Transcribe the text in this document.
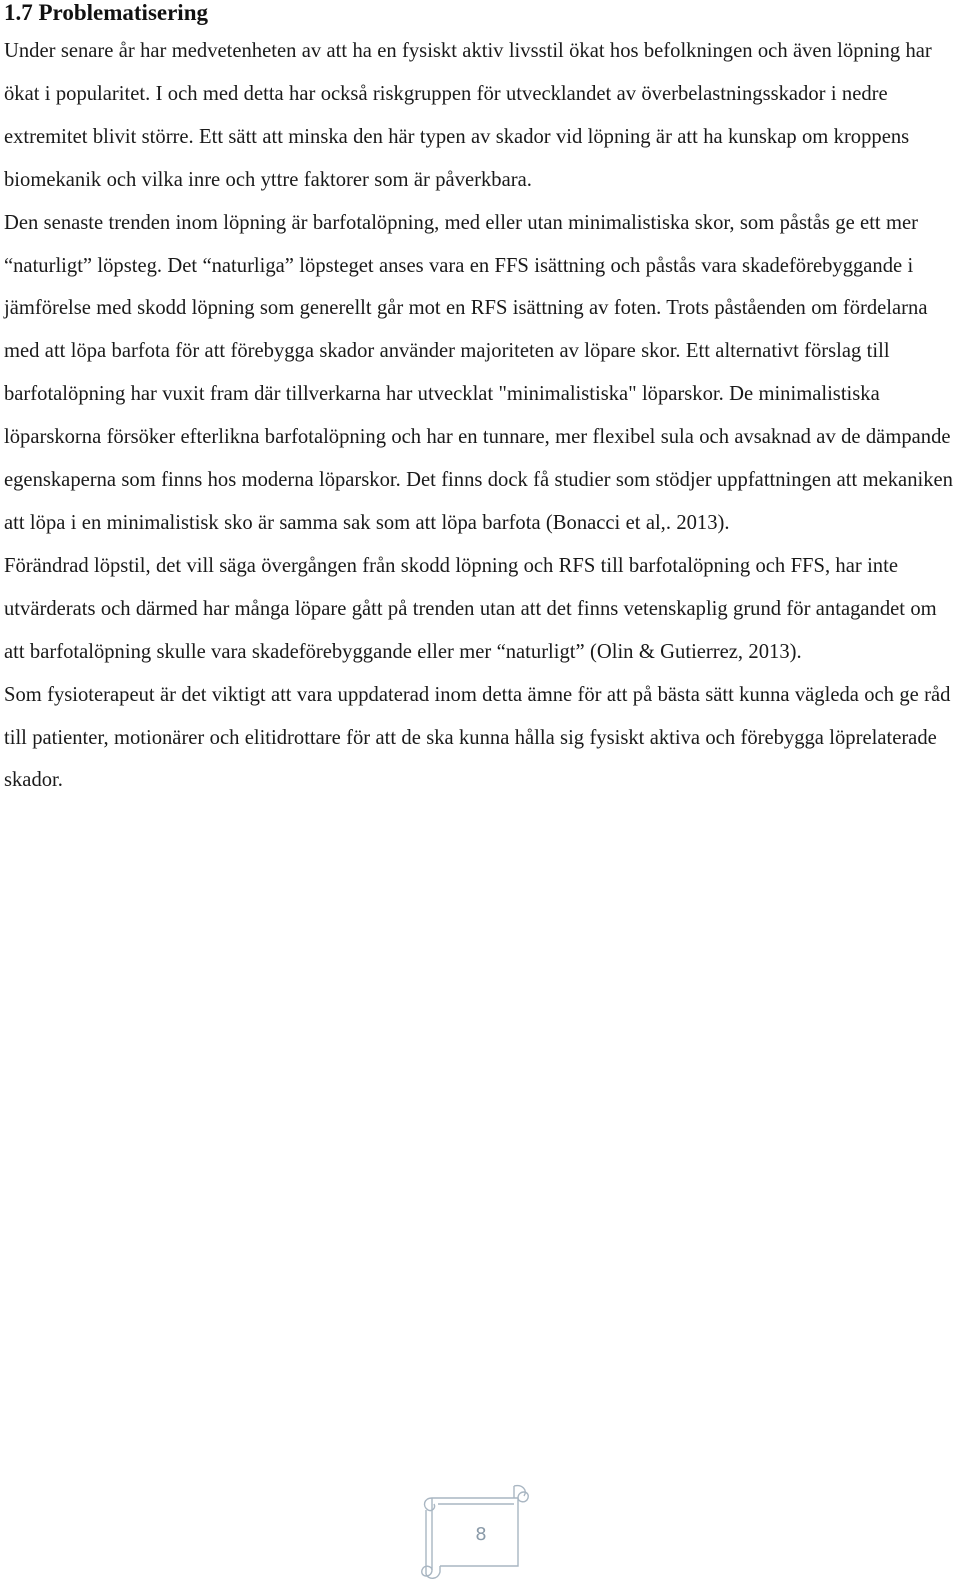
1.7 Problematisering

Under senare år har medvetenheten av att ha en fysiskt aktiv livsstil ökat hos befolkningen och även löpning har ökat i popularitet. I och med detta har också riskgruppen för utvecklandet av överbelastningsskador i nedre extremitet blivit större. Ett sätt att minska den här typen av skador vid löpning är att ha kunskap om kroppens biomekanik och vilka inre och yttre faktorer som är påverkbara.

Den senaste trenden inom löpning är barfotalöpning, med eller utan minimalistiska skor, som påstås ge ett mer “naturligt” löpsteg. Det “naturliga” löpsteget anses vara en FFS isättning och påstås vara skadeförebyggande i jämförelse med skodd löpning som generellt går mot en RFS isättning av foten. Trots påståenden om fördelarna med att löpa barfota för att förebygga skador använder majoriteten av löpare skor. Ett alternativt förslag till barfotalöpning har vuxit fram där tillverkarna har utvecklat "minimalistiska" löparskor. De minimalistiska löparskorna försöker efterlikna barfotalöpning och har en tunnare, mer flexibel sula och avsaknad av de dämpande egenskaperna som finns hos moderna löparskor. Det finns dock få studier som stödjer uppfattningen att mekaniken att löpa i en minimalistisk sko är samma sak som att löpa barfota (Bonacci et al,. 2013).

Förändrad löpstil, det vill säga övergången från skodd löpning och RFS till barfotalöpning och FFS, har inte utvärderats och därmed har många löpare gått på trenden utan att det finns vetenskaplig grund för antagandet om att barfotalöpning skulle vara skadeförebyggande eller mer “naturligt” (Olin & Gutierrez, 2013).

Som fysioterapeut är det viktigt att vara uppdaterad inom detta ämne för att på bästa sätt kunna vägleda och ge råd till patienter, motionärer och elitidrottare för att de ska kunna hålla sig fysiskt aktiva och förebygga löprelaterade skador.

8
